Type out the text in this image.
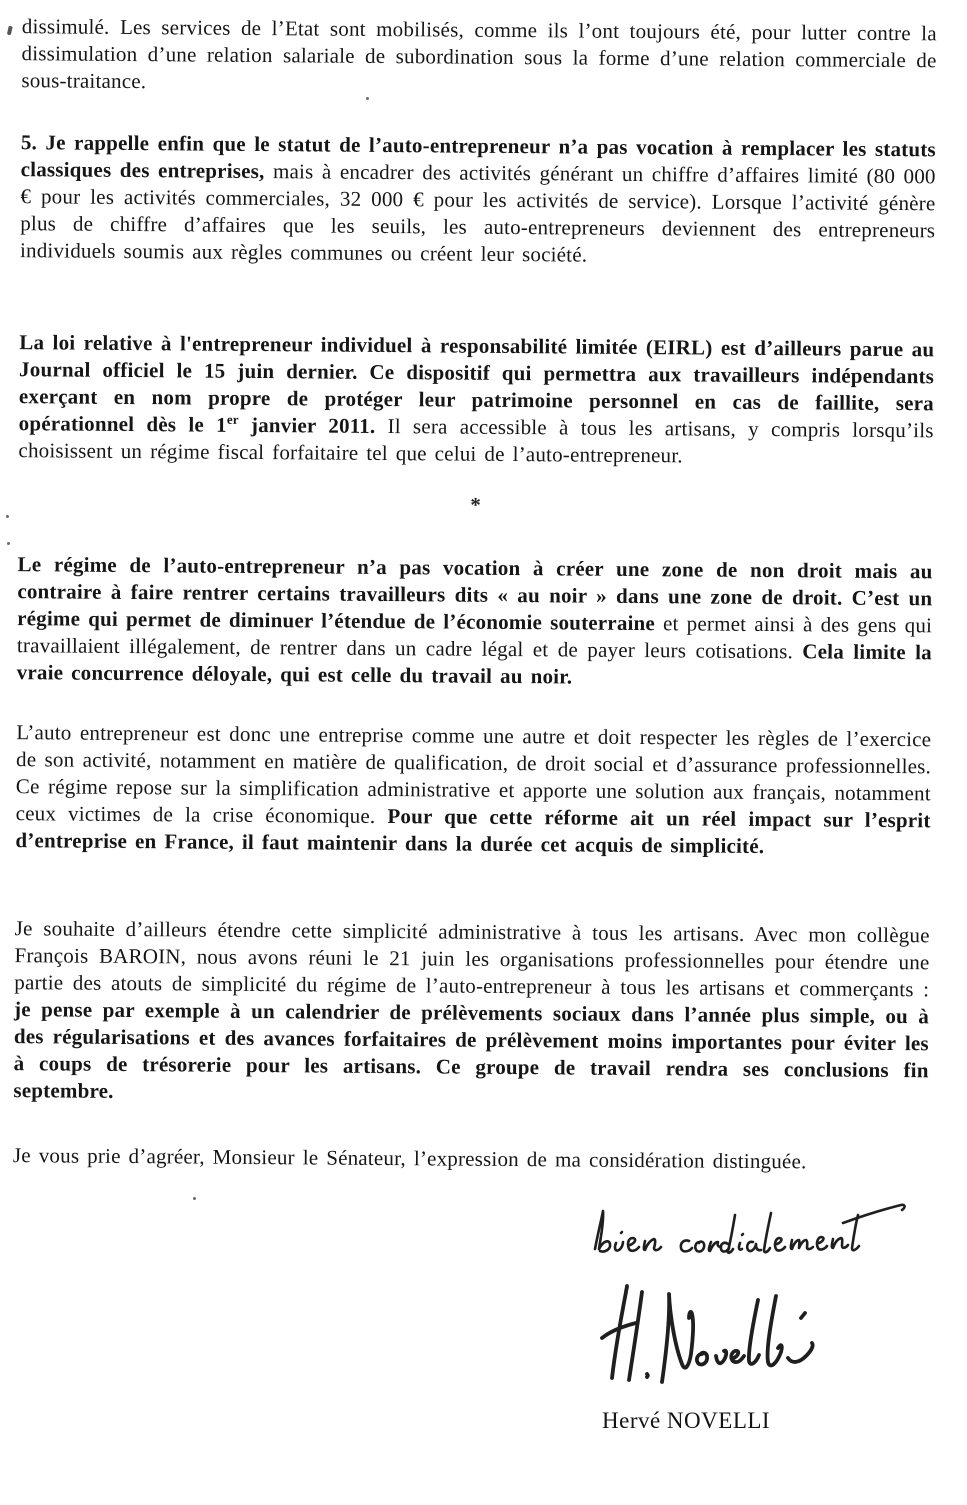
dissimulé. Les services de l’Etat sont mobilisés, comme ils l’ont toujours été, pour lutter contre la dissimulation d’une relation salariale de subordination sous la forme d’une relation commerciale de sous-traitance.

5. Je rappelle enfin que le statut de l’auto-entrepreneur n’a pas vocation à remplacer les statuts classiques des entreprises, mais à encadrer des activités générant un chiffre d’affaires limité (80 000 € pour les activités commerciales, 32 000 € pour les activités de service). Lorsque l’activité génère plus de chiffre d’affaires que les seuils, les auto-entrepreneurs deviennent des entrepreneurs individuels soumis aux règles communes ou créent leur société.

La loi relative à l'entrepreneur individuel à responsabilité limitée (EIRL) est d’ailleurs parue au Journal officiel le 15 juin dernier. Ce dispositif qui permettra aux travailleurs indépendants exerçant en nom propre de protéger leur patrimoine personnel en cas de faillite, sera opérationnel dès le 1er janvier 2011. Il sera accessible à tous les artisans, y compris lorsqu’ils choisissent un régime fiscal forfaitaire tel que celui de l’auto-entrepreneur.

*

Le régime de l’auto-entrepreneur n’a pas vocation à créer une zone de non droit mais au contraire à faire rentrer certains travailleurs dits « au noir » dans une zone de droit. C’est un régime qui permet de diminuer l’étendue de l’économie souterraine et permet ainsi à des gens qui travaillaient illégalement, de rentrer dans un cadre légal et de payer leurs cotisations. Cela limite la vraie concurrence déloyale, qui est celle du travail au noir.

L’auto entrepreneur est donc une entreprise comme une autre et doit respecter les règles de l’exercice de son activité, notamment en matière de qualification, de droit social et d’assurance professionnelles. Ce régime repose sur la simplification administrative et apporte une solution aux français, notamment ceux victimes de la crise économique. Pour que cette réforme ait un réel impact sur l’esprit d’entreprise en France, il faut maintenir dans la durée cet acquis de simplicité.

Je souhaite d’ailleurs étendre cette simplicité administrative à tous les artisans. Avec mon collègue François BAROIN, nous avons réuni le 21 juin les organisations professionnelles pour étendre une partie des atouts de simplicité du régime de l’auto-entrepreneur à tous les artisans et commerçants : je pense par exemple à un calendrier de prélèvements sociaux dans l’année plus simple, ou à des régularisations et des avances forfaitaires de prélèvement moins importantes pour éviter les à coups de trésorerie pour les artisans. Ce groupe de travail rendra ses conclusions fin septembre.

Je vous prie d’agréer, Monsieur le Sénateur, l’expression de ma considération distinguée.

Hervé NOVELLI
